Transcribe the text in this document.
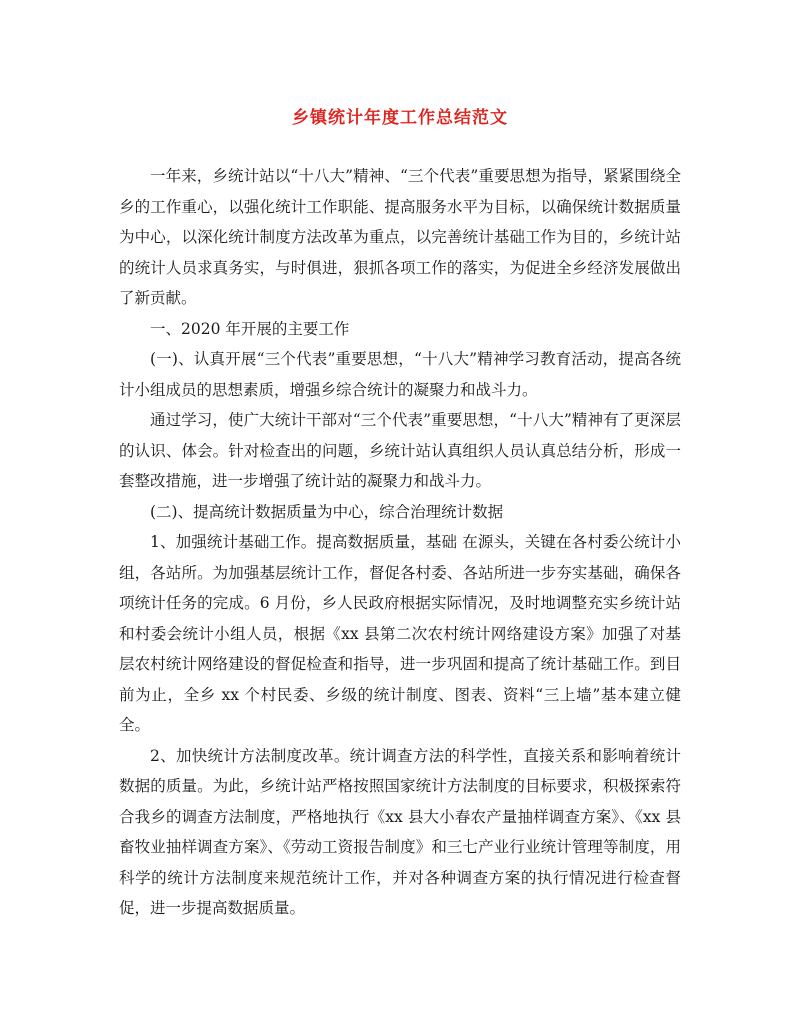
乡镇统计年度工作总结范文

一年来，乡统计站以“十八大”精神、“三个代表”重要思想为指导，紧紧围绕全乡的工作重心，以强化统计工作职能、提高服务水平为目标，以确保统计数据质量为中心，以深化统计制度方法改革为重点，以完善统计基础工作为目的，乡统计站的统计人员求真务实，与时俱进，狠抓各项工作的落实，为促进全乡经济发展做出了新贡献。

一、2020 年开展的主要工作

(一)、认真开展“三个代表”重要思想，“十八大”精神学习教育活动，提高各统计小组成员的思想素质，增强乡综合统计的凝聚力和战斗力。

通过学习，使广大统计干部对“三个代表”重要思想，“十八大”精神有了更深层的认识、体会。针对检查出的问题，乡统计站认真组织人员认真总结分析，形成一套整改措施，进一步增强了统计站的凝聚力和战斗力。

(二)、提高统计数据质量为中心，综合治理统计数据

1、加强统计基础工作。提高数据质量，基础 在源头，关键在各村委公统计小组，各站所。为加强基层统计工作，督促各村委、各站所进一步夯实基础，确保各项统计任务的完成。6 月份，乡人民政府根据实际情况，及时地调整充实乡统计站和村委会统计小组人员，根据《xx 县第二次农村统计网络建设方案》加强了对基层农村统计网络建设的督促检查和指导，进一步巩固和提高了统计基础工作。到目前为止，全乡 xx 个村民委、乡级的统计制度、图表、资料“三上墙”基本建立健全。

2、加快统计方法制度改革。统计调查方法的科学性，直接关系和影响着统计数据的质量。为此，乡统计站严格按照国家统计方法制度的目标要求，积极探索符合我乡的调查方法制度，严格地执行《xx 县大小春农产量抽样调查方案》、《xx 县畜牧业抽样调查方案》、《劳动工资报告制度》和三七产业行业统计管理等制度，用科学的统计方法制度来规范统计工作，并对各种调查方案的执行情况进行检查督促，进一步提高数据质量。
